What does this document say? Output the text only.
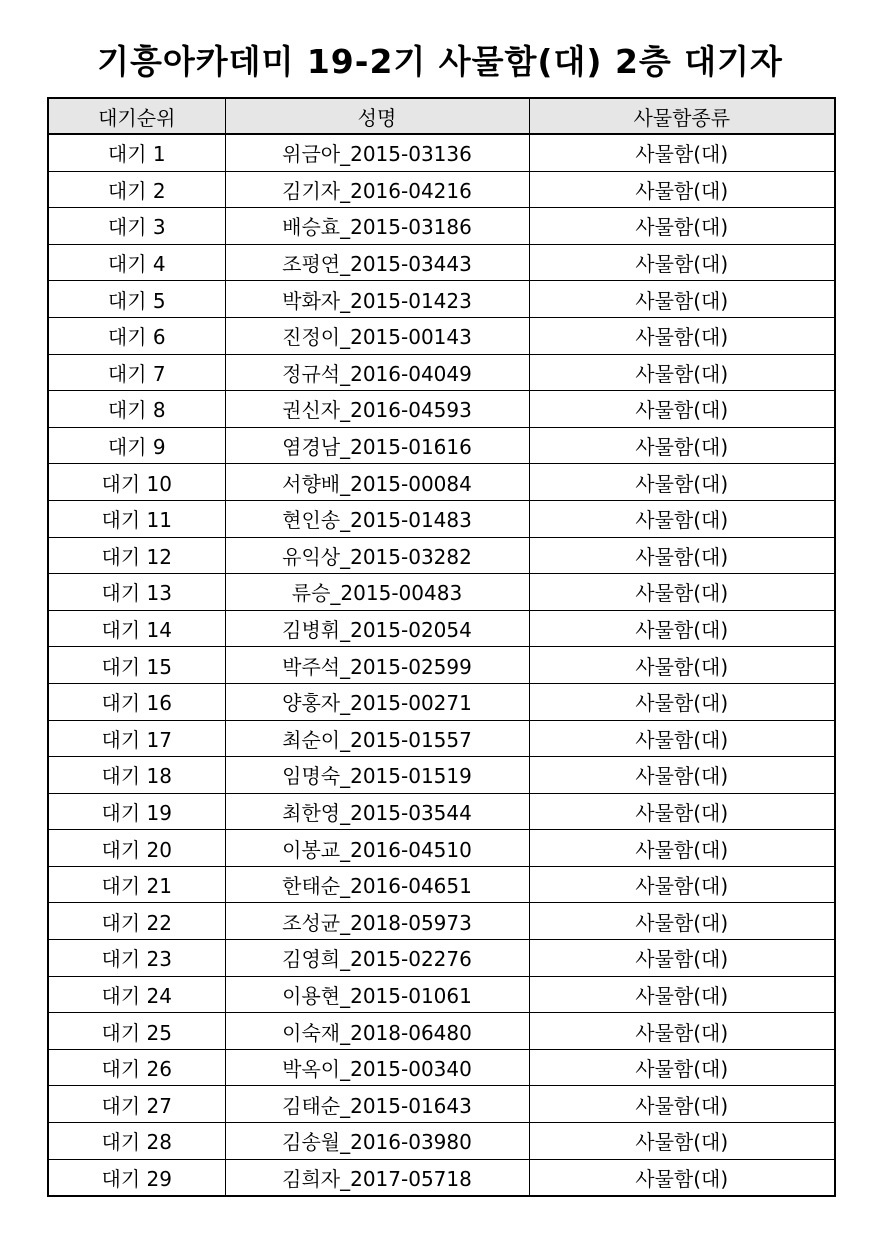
기흥아카데미 19-2기 사물함(대) 2층 대기자
대기순위	성명	사물함종류
대기 1	위금아_2015-03136	사물함(대)
대기 2	김기자_2016-04216	사물함(대)
대기 3	배승효_2015-03186	사물함(대)
대기 4	조평연_2015-03443	사물함(대)
대기 5	박화자_2015-01423	사물함(대)
대기 6	진정이_2015-00143	사물함(대)
대기 7	정규석_2016-04049	사물함(대)
대기 8	권신자_2016-04593	사물함(대)
대기 9	염경남_2015-01616	사물함(대)
대기 10	서향배_2015-00084	사물함(대)
대기 11	현인송_2015-01483	사물함(대)
대기 12	유익상_2015-03282	사물함(대)
대기 13	류승_2015-00483	사물함(대)
대기 14	김병휘_2015-02054	사물함(대)
대기 15	박주석_2015-02599	사물함(대)
대기 16	양홍자_2015-00271	사물함(대)
대기 17	최순이_2015-01557	사물함(대)
대기 18	임명숙_2015-01519	사물함(대)
대기 19	최한영_2015-03544	사물함(대)
대기 20	이봉교_2016-04510	사물함(대)
대기 21	한태순_2016-04651	사물함(대)
대기 22	조성균_2018-05973	사물함(대)
대기 23	김영희_2015-02276	사물함(대)
대기 24	이용현_2015-01061	사물함(대)
대기 25	이숙재_2018-06480	사물함(대)
대기 26	박옥이_2015-00340	사물함(대)
대기 27	김태순_2015-01643	사물함(대)
대기 28	김송월_2016-03980	사물함(대)
대기 29	김희자_2017-05718	사물함(대)
